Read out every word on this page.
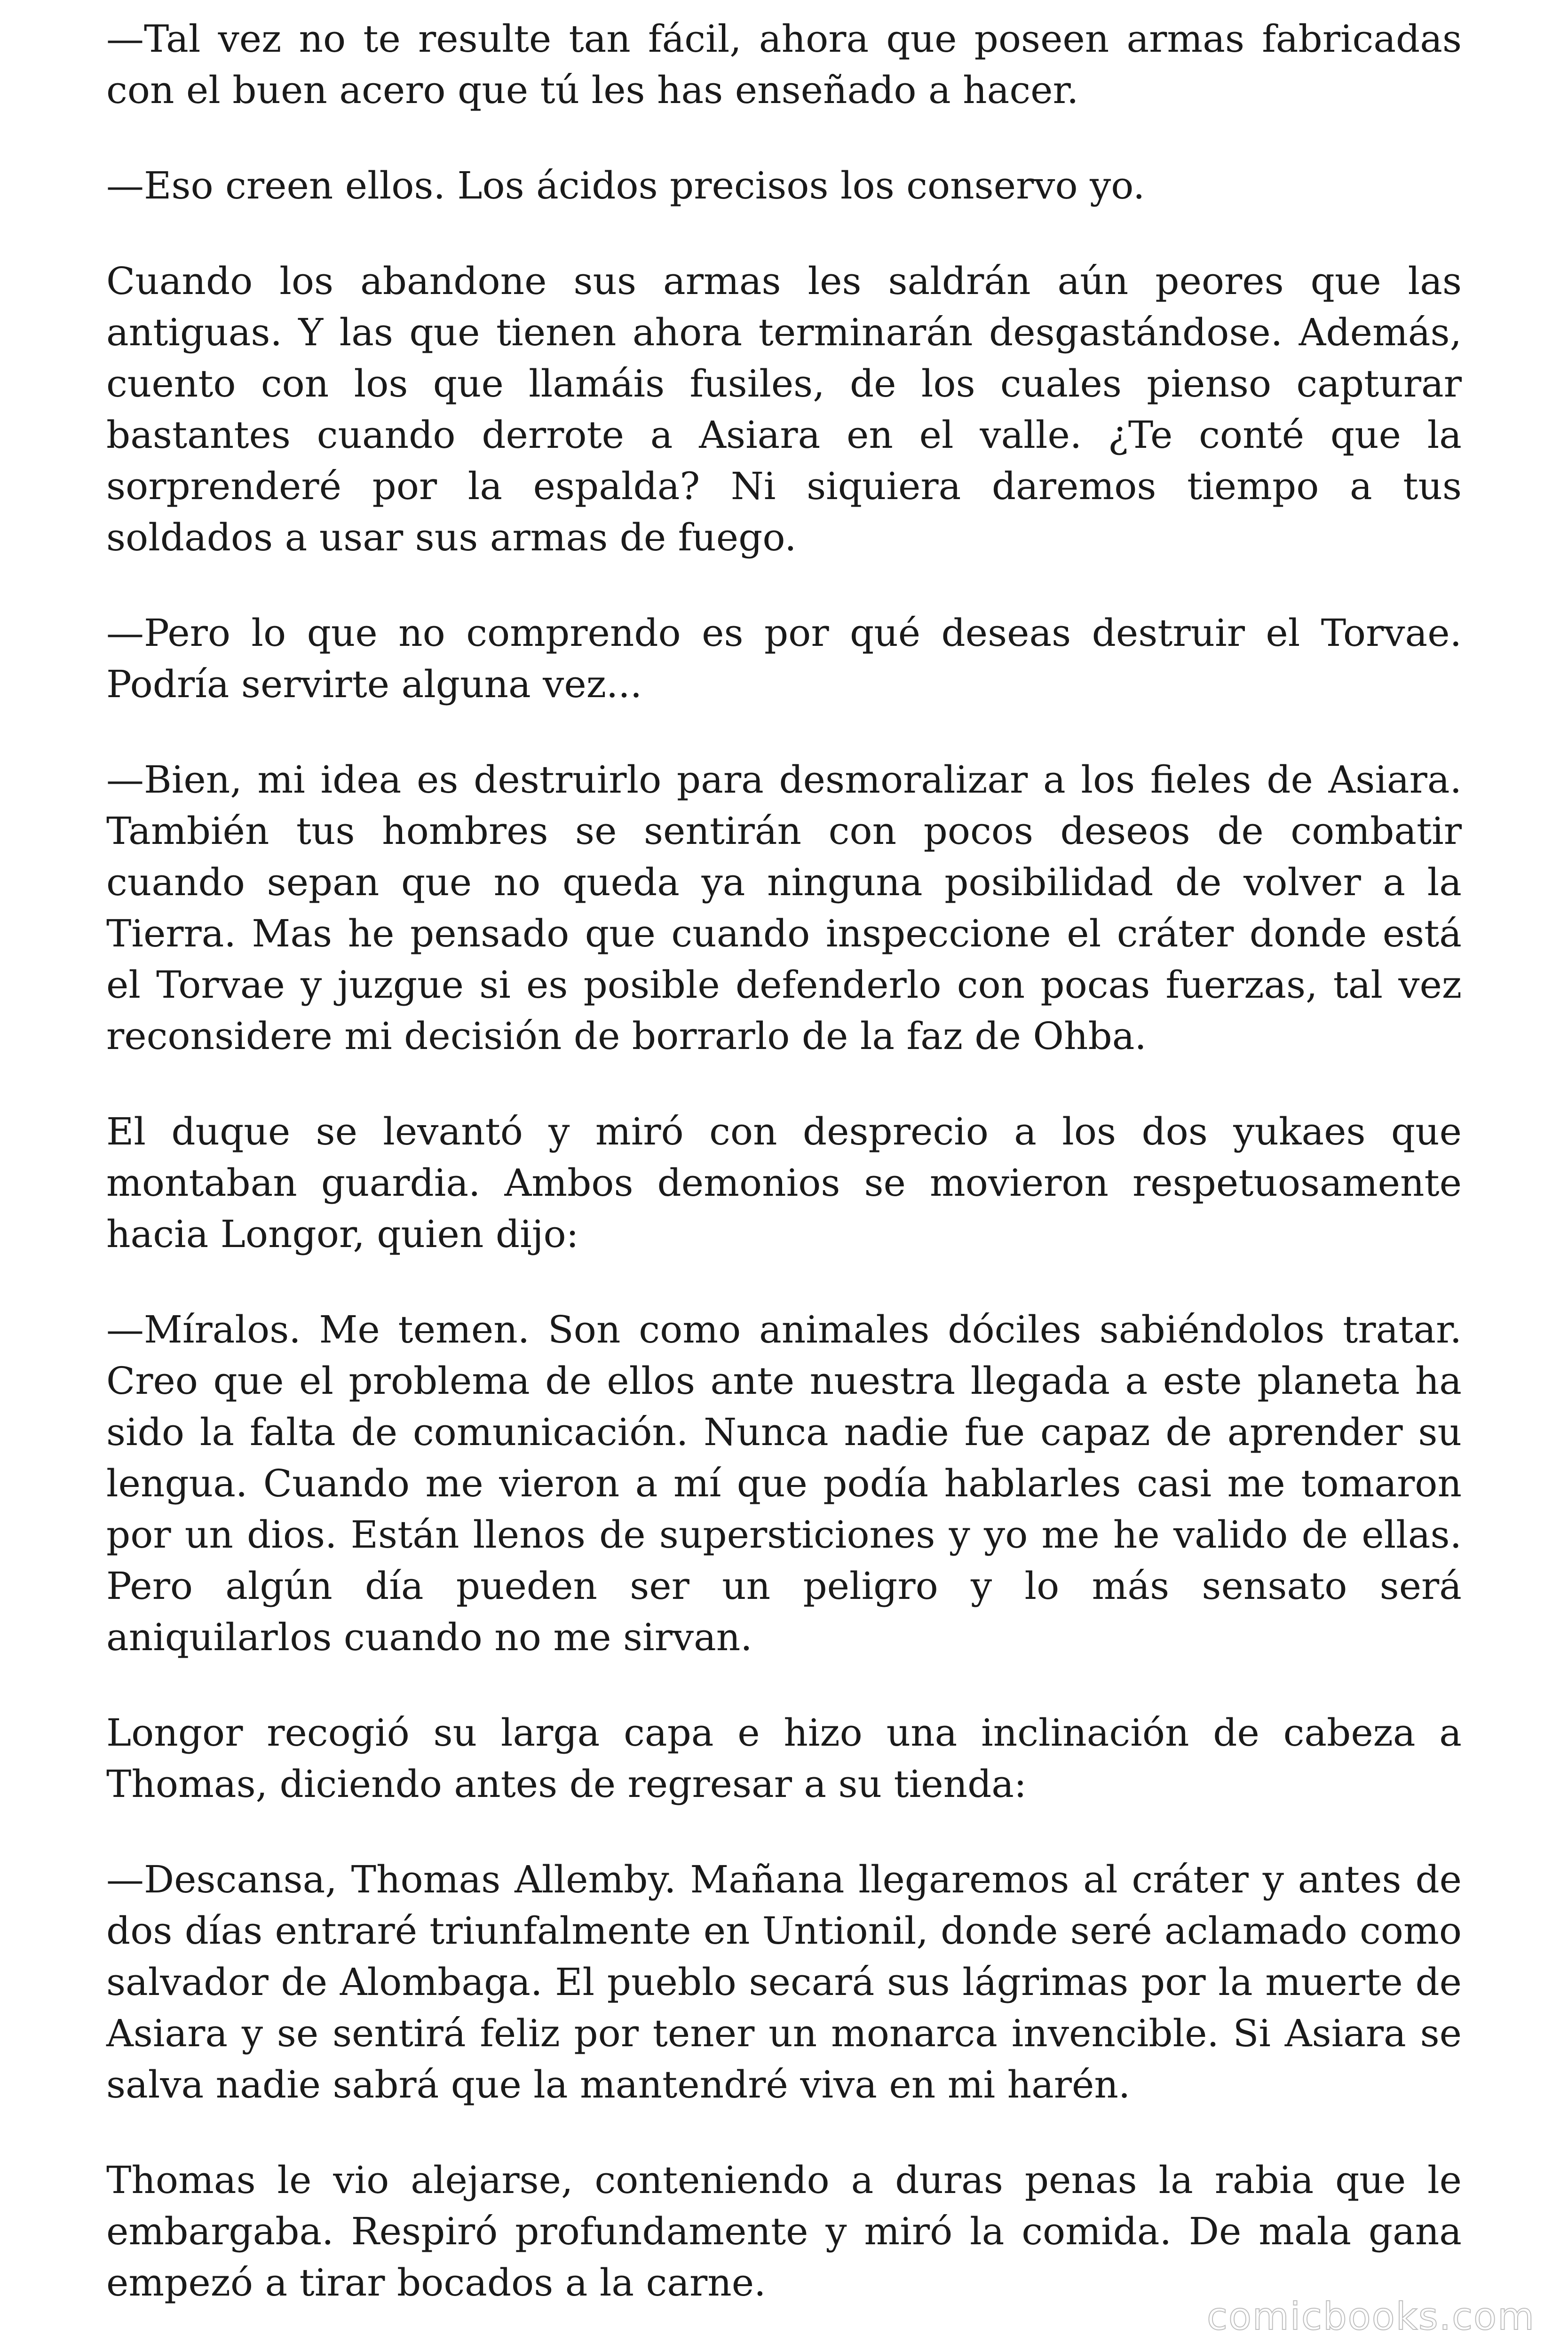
—Tal vez no te resulte tan fácil, ahora que poseen armas fabricadas con el buen acero que tú les has enseñado a hacer.

—Eso creen ellos. Los ácidos precisos los conservo yo.

Cuando los abandone sus armas les saldrán aún peores que las antiguas. Y las que tienen ahora terminarán desgastándose. Además, cuento con los que llamáis fusiles, de los cuales pienso capturar bastantes cuando derrote a Asiara en el valle. ¿Te conté que la sorprenderé por la espalda? Ni siquiera daremos tiempo a tus soldados a usar sus armas de fuego.

—Pero lo que no comprendo es por qué deseas destruir el Torvae. Podría servirte alguna vez...

—Bien, mi idea es destruirlo para desmoralizar a los fieles de Asiara. También tus hombres se sentirán con pocos deseos de combatir cuando sepan que no queda ya ninguna posibilidad de volver a la Tierra. Mas he pensado que cuando inspeccione el cráter donde está el Torvae y juzgue si es posible defenderlo con pocas fuerzas, tal vez reconsidere mi decisión de borrarlo de la faz de Ohba.

El duque se levantó y miró con desprecio a los dos yukaes que montaban guardia. Ambos demonios se movieron respetuosamente hacia Longor, quien dijo:

—Míralos. Me temen. Son como animales dóciles sabiéndolos tratar. Creo que el problema de ellos ante nuestra llegada a este planeta ha sido la falta de comunicación. Nunca nadie fue capaz de aprender su lengua. Cuando me vieron a mí que podía hablarles casi me tomaron por un dios. Están llenos de supersticiones y yo me he valido de ellas. Pero algún día pueden ser un peligro y lo más sensato será aniquilarlos cuando no me sirvan.

Longor recogió su larga capa e hizo una inclinación de cabeza a Thomas, diciendo antes de regresar a su tienda:

—Descansa, Thomas Allemby. Mañana llegaremos al cráter y antes de dos días entraré triunfalmente en Untionil, donde seré aclamado como salvador de Alombaga. El pueblo secará sus lágrimas por la muerte de Asiara y se sentirá feliz por tener un monarca invencible. Si Asiara se salva nadie sabrá que la mantendré viva en mi harén.

Thomas le vio alejarse, conteniendo a duras penas la rabia que le embargaba. Respiró profundamente y miró la comida. De mala gana empezó a tirar bocados a la carne.

comicbooks.com
